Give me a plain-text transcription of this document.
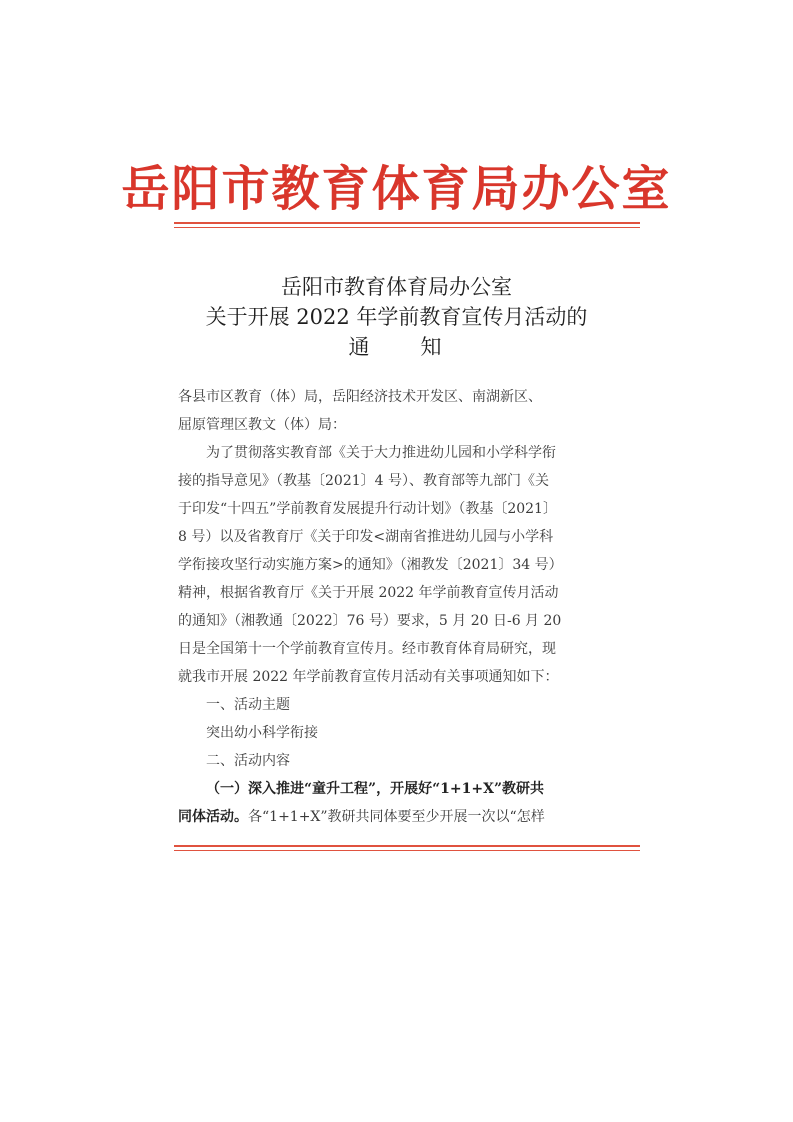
岳阳市教育体育局办公室
岳阳市教育体育局办公室
关于开展 2022 年学前教育宣传月活动的
通 知
各县市区教育（体）局，岳阳经济技术开发区、南湖新区、
屈原管理区教文（体）局：
为了贯彻落实教育部《关于大力推进幼儿园和小学科学衔
接的指导意见》（教基〔2021〕4 号）、教育部等九部门《关
于印发“十四五”学前教育发展提升行动计划》（教基〔2021〕
8 号）以及省教育厅《关于印发<湖南省推进幼儿园与小学科
学衔接攻坚行动实施方案>的通知》（湘教发〔2021〕34 号）
精神，根据省教育厅《关于开展 2022 年学前教育宣传月活动
的通知》（湘教通〔2022〕76 号）要求，5 月 20 日-6 月 20
日是全国第十一个学前教育宣传月。经市教育体育局研究，现
就我市开展 2022 年学前教育宣传月活动有关事项通知如下：
一、活动主题
突出幼小科学衔接
二、活动内容
（一）深入推进“童升工程”，开展好“1+1+X”教研共
同体活动。各“1+1+X”教研共同体要至少开展一次以“怎样
